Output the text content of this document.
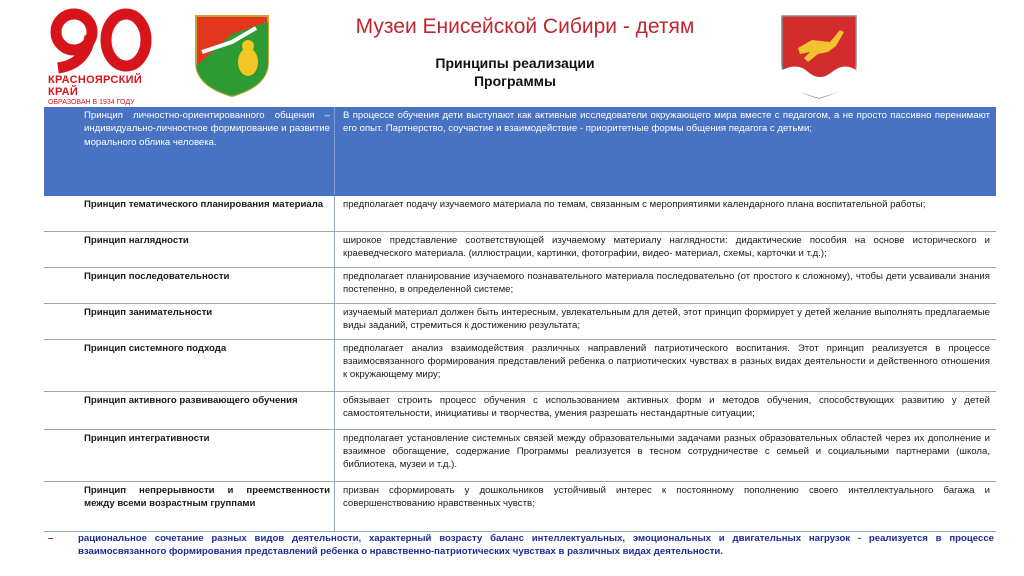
КРАСНОЯРСКИЙ
КРАЙ
ОБРАЗОВАН В 1934 ГОДУ
Музеи Енисейской Сибири - детям
Принципы реализации
Программы
Принцип личностно-ориентированного общения – индивидуально-личностное формирование и развитие морального облика человека.	В процессе обучения дети выступают как активные исследователи окружающего мира вместе с педагогом, а не просто пассивно перенимают его опыт. Партнерство, соучастие и взаимодействие - приоритетные формы общения педагога с детьми;
Принцип тематического планирования материала	предполагает подачу изучаемого материала по темам, связанным с мероприятиями календарного плана воспитательной работы;
Принцип наглядности	широкое представление соответствующей изучаемому материалу наглядности: дидактические пособия на основе исторического и краеведческого материала. (иллюстрации, картинки, фотографии, видео- материал, схемы, карточки и т.д.);
Принцип последовательности	предполагает планирование изучаемого познавательного материала последовательно (от простого к сложному), чтобы дети усваивали знания постепенно, в определенной системе;
Принцип занимательности	изучаемый материал должен быть интересным, увлекательным для детей, этот принцип формирует у детей желание выполнять предлагаемые виды заданий, стремиться к достижению результата;
Принцип системного подхода	предполагает анализ взаимодействия различных направлений патриотического воспитания. Этот принцип реализуется в процессе взаимосвязанного формирования представлений ребенка о патриотических чувствах в разных видах деятельности и действенного отношения к окружающему миру;
Принцип активного развивающего обучения	обязывает строить процесс обучения с использованием активных форм и методов обучения, способствующих развитию у детей самостоятельности, инициативы и творчества, умения разрешать нестандартные ситуации;
Принцип интегративности	предполагает установление системных связей между образовательными задачами разных образовательных областей через их дополнение и взаимное обогащение, содержание Программы реализуется в тесном сотрудничестве с семьей и социальными партнерами (школа, библиотека, музеи и т.д.).
Принцип непрерывности и преемственности между всеми возрастным группами	призван сформировать у дошкольников устойчивый интерес к постоянному пополнению своего интеллектуального багажа и совершенствованию нравственных чувств;
–	рациональное сочетание разных видов деятельности, характерный возрасту баланс интеллектуальных, эмоциональных и двигательных нагрузок - реализуется в процессе взаимосвязанного формирования представлений ребенка о нравственно-патриотических чувствах в различных видах деятельности.
